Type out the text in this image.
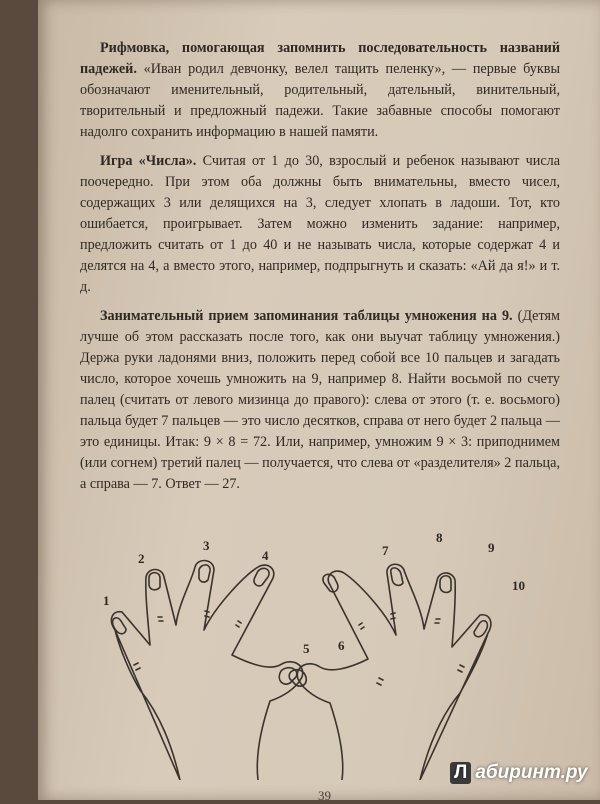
Рифмовка, помогающая запомнить последовательность названий падежей. «Иван родил девчонку, велел тащить пеленку», — первые буквы обозначают именительный, родительный, дательный, винительный, творительный и предложный падежи. Такие забавные способы помогают надолго сохранить информацию в нашей памяти.

Игра «Числа». Считая от 1 до 30, взрослый и ребенок называют числа поочередно. При этом оба должны быть внимательны, вместо чисел, содержащих 3 или делящихся на 3, следует хлопать в ладоши. Тот, кто ошибается, проигрывает. Затем можно изменить задание: например, предложить считать от 1 до 40 и не называть числа, которые содержат 4 и делятся на 4, а вместо этого, например, подпрыгнуть и сказать: «Ай да я!» и т. д.

Занимательный прием запоминания таблицы умножения на 9. (Детям лучше об этом рассказать после того, как они выучат таблицу умножения.) Держа руки ладонями вниз, положить перед собой все 10 пальцев и загадать число, которое хочешь умножить на 9, например 8. Найти восьмой по счету палец (считать от левого мизинца до правого): слева от этого (т. е. восьмого) пальца будет 7 пальцев — это число десятков, справа от него будет 2 пальца — это единицы. Итак: 9 × 8 = 72. Или, например, умножим 9 × 3: приподнимем (или согнем) третий палец — получается, что слева от «разделителя» 2 пальца, а справа — 7. Ответ — 27.

1
2
3
4
5 6
7
8
9
10
Л абиринт.ру
39
